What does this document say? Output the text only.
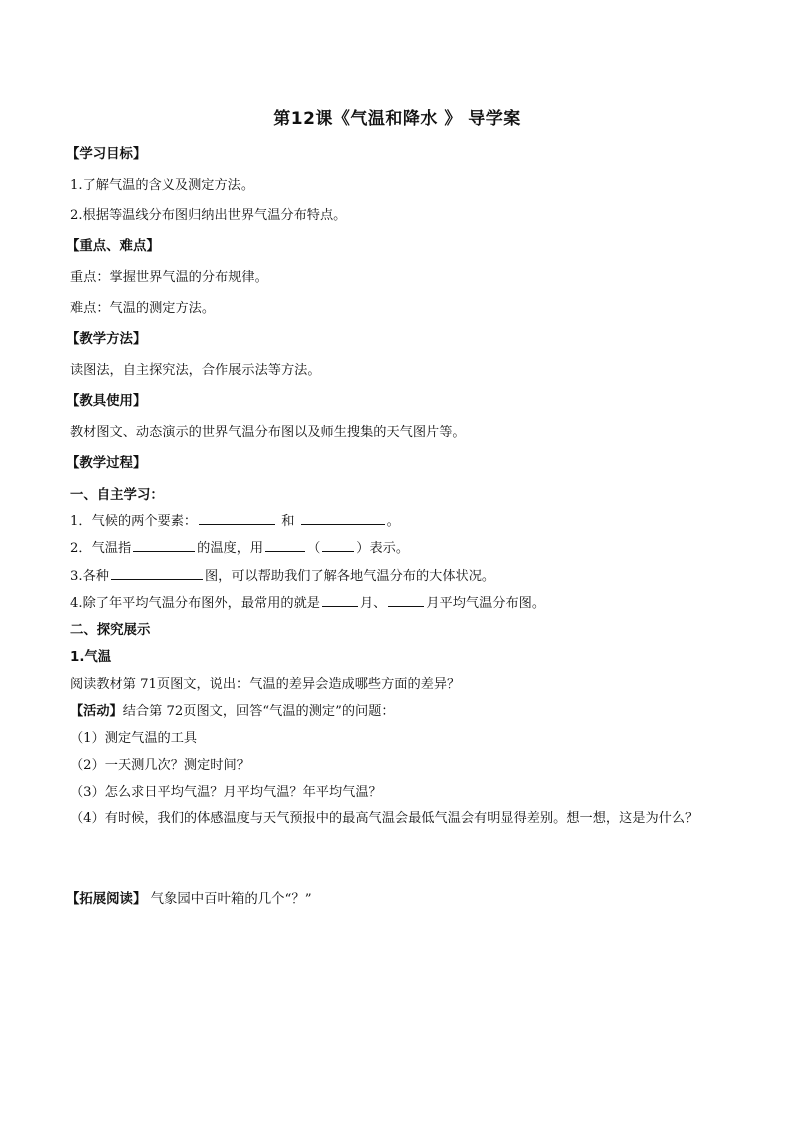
第12课《气温和降水 》 导学案
【学习目标】
1.了解气温的含义及测定方法。
2.根据等温线分布图归纳出世界气温分布特点。
【重点、难点】
重点：掌握世界气温的分布规律。
难点：气温的测定方法。
【教学方法】
读图法，自主探究法，合作展示法等方法。
【教具使用】
教材图文、动态演示的世界气温分布图以及师生搜集的天气图片等。
【教学过程】
一、自主学习：
1．气候的两个要素：	和	。
2．气温指	的温度，用	（	）表示。
3.各种	图，可以帮助我们了解各地气温分布的大体状况。
4.除了年平均气温分布图外，最常用的就是	月、	月平均气温分布图。
二、探究展示
1.气温
阅读教材第 71页图文，说出：气温的差异会造成哪些方面的差异？
【活动】结合第 72页图文，回答“气温的测定”的问题：
（1）测定气温的工具
（2）一天测几次？测定时间？
（3）怎么求日平均气温？月平均气温？年平均气温？
（4）有时候，我们的体感温度与天气预报中的最高气温会最低气温会有明显得差别。想一想，这是为什么？
【拓展阅读】 气象园中百叶箱的几个“？”
